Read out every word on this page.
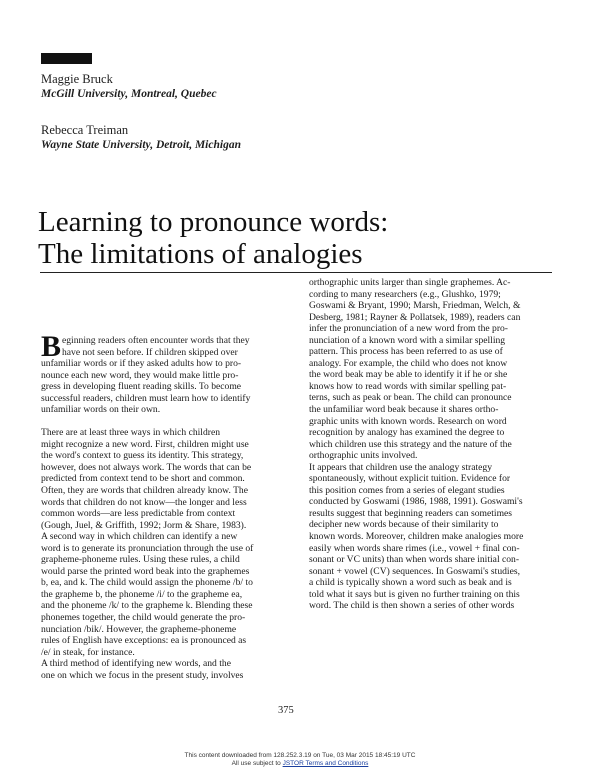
Maggie Bruck
McGill University, Montreal, Quebec
Rebecca Treiman
Wayne State University, Detroit, Michigan
Learning to pronounce words:
The limitations of analogies
B eginning readers often encounter words that they
have not seen before. If children skipped over
unfamiliar words or if they asked adults how to pro-
nounce each new word, they would make little pro-
gress in developing fluent reading skills. To become
successful readers, children must learn how to identify
unfamiliar words on their own.
There are at least three ways in which children
might recognize a new word. First, children might use
the word's context to guess its identity. This strategy,
however, does not always work. The words that can be
predicted from context tend to be short and common.
Often, they are words that children already know. The
words that children do not know—the longer and less
common words—are less predictable from context
(Gough, Juel, & Griffith, 1992; Jorm & Share, 1983).
A second way in which children can identify a new
word is to generate its pronunciation through the use of
grapheme-phoneme rules. Using these rules, a child
would parse the printed word beak into the graphemes
b, ea, and k. The child would assign the phoneme /b/ to
the grapheme b, the phoneme /i/ to the grapheme ea,
and the phoneme /k/ to the grapheme k. Blending these
phonemes together, the child would generate the pro-
nunciation /bik/. However, the grapheme-phoneme
rules of English have exceptions: ea is pronounced as
/e/ in steak, for instance.
A third method of identifying new words, and the
one on which we focus in the present study, involves
orthographic units larger than single graphemes. Ac-
cording to many researchers (e.g., Glushko, 1979;
Goswami & Bryant, 1990; Marsh, Friedman, Welch, &
Desberg, 1981; Rayner & Pollatsek, 1989), readers can
infer the pronunciation of a new word from the pro-
nunciation of a known word with a similar spelling
pattern. This process has been referred to as use of
analogy. For example, the child who does not know
the word beak may be able to identify it if he or she
knows how to read words with similar spelling pat-
terns, such as peak or bean. The child can pronounce
the unfamiliar word beak because it shares ortho-
graphic units with known words. Research on word
recognition by analogy has examined the degree to
which children use this strategy and the nature of the
orthographic units involved.
It appears that children use the analogy strategy
spontaneously, without explicit tuition. Evidence for
this position comes from a series of elegant studies
conducted by Goswami (1986, 1988, 1991). Goswami's
results suggest that beginning readers can sometimes
decipher new words because of their similarity to
known words. Moreover, children make analogies more
easily when words share rimes (i.e., vowel + final con-
sonant or VC units) than when words share initial con-
sonant + vowel (CV) sequences. In Goswami's studies,
a child is typically shown a word such as beak and is
told what it says but is given no further training on this
word. The child is then shown a series of other words
375
This content downloaded from 128.252.3.19 on Tue, 03 Mar 2015 18:45:19 UTC
All use subject to JSTOR Terms and Conditions
